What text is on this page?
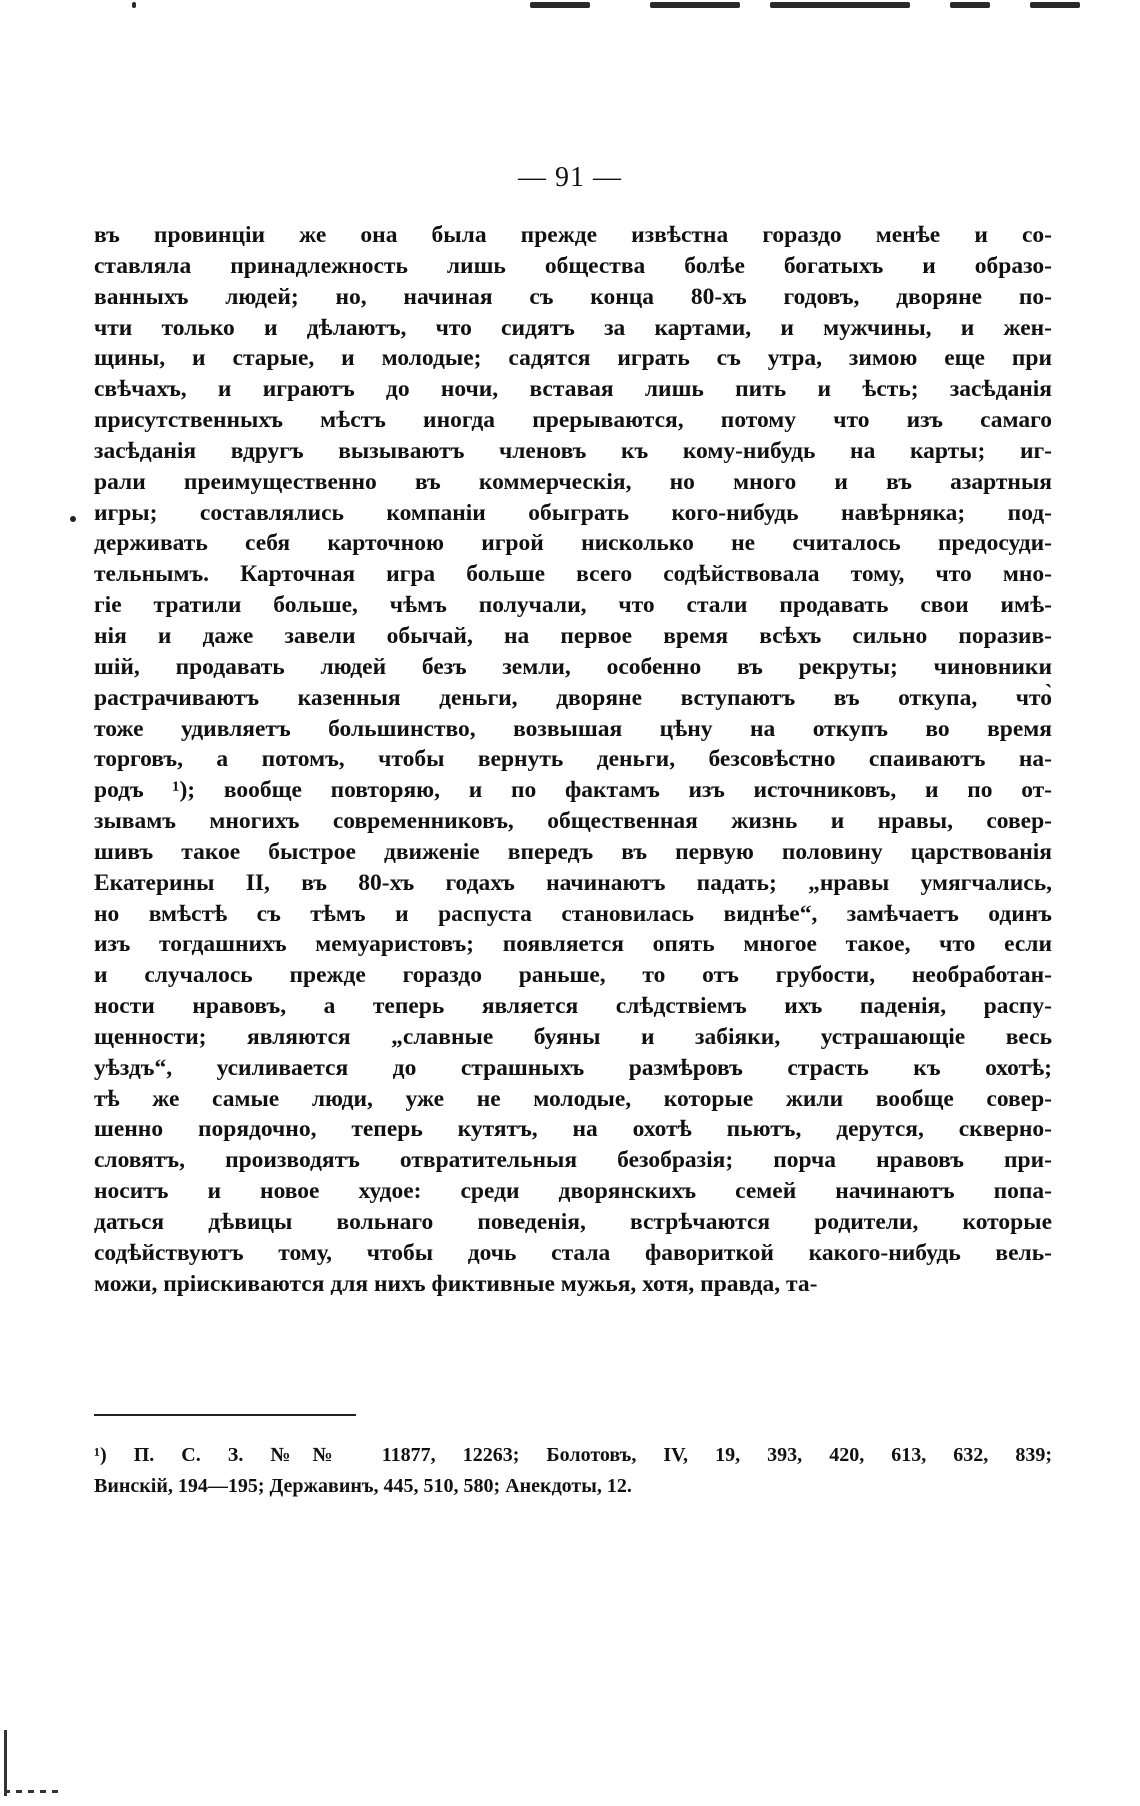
— 91 —
въ провинціи же она была прежде извѣстна гораздо менѣе и со-
ставляла принадлежность лишь общества болѣе богатыхъ и образо-
ванныхъ людей; но, начиная съ конца 80-хъ годовъ, дворяне по-
чти только и дѣлаютъ, что сидятъ за картами, и мужчины, и жен-
щины, и старые, и молодые; садятся играть съ утра, зимою еще при
свѣчахъ, и играютъ до ночи, вставая лишь пить и ѣсть; засѣданія
присутственныхъ мѣстъ иногда прерываются, потому что изъ самаго
засѣданія вдругъ вызываютъ членовъ къ кому-нибудь на карты; иг-
рали преимущественно въ коммерческія, но много и въ азартныя
игры; составлялись компаніи обыграть кого-нибудь навѣрняка; под-
держивать себя карточною игрой нисколько не считалось предосуди-
тельнымъ. Карточная игра больше всего содѣйствовала тому, что мно-
гіе тратили больше, чѣмъ получали, что стали продавать свои имѣ-
нія и даже завели обычай, на первое время всѣхъ сильно поразив-
шій, продавать людей безъ земли, особенно въ рекруты; чиновники
растрачиваютъ казенныя деньги, дворяне вступаютъ въ откупа, что̀
тоже удивляетъ большинство, возвышая цѣну на откупъ во время
торговъ, а потомъ, чтобы вернуть деньги, безсовѣстно спаиваютъ на-
родъ ¹); вообще повторяю, и по фактамъ изъ источниковъ, и по от-
зывамъ многихъ современниковъ, общественная жизнь и нравы, совер-
шивъ такое быстрое движеніе впередъ въ первую половину царствованія
Екатерины II, въ 80-хъ годахъ начинаютъ падать; „нравы умягчались,
но вмѣстѣ съ тѣмъ и распуста становилась виднѣе“, замѣчаетъ одинъ
изъ тогдашнихъ мемуаристовъ; появляется опять многое такое, что если
и случалось прежде гораздо раньше, то отъ грубости, необработан-
ности нравовъ, а теперь является слѣдствіемъ ихъ паденія, распу-
щенности; являются „славные буяны и забіяки, устрашающіе весь
уѣздъ“, усиливается до страшныхъ размѣровъ страсть къ охотѣ;
тѣ же самые люди, уже не молодые, которые жили вообще совер-
шенно порядочно, теперь кутятъ, на охотѣ пьютъ, дерутся, скверно-
словятъ, производятъ отвратительныя безобразія; порча нравовъ при-
носитъ и новое худое: среди дворянскихъ семей начинаютъ попа-
даться дѣвицы вольнаго поведенія, встрѣчаются родители, которые
содѣйствуютъ тому, чтобы дочь стала фавориткой какого-нибудь вель-
можи, пріискиваются для нихъ фиктивные мужья, хотя, правда, та-
¹) П. С. З. №№ 11877, 12263; Болотовъ, IV, 19, 393, 420, 613, 632, 839;
Винскій, 194—195; Державинъ, 445, 510, 580; Анекдоты, 12.
